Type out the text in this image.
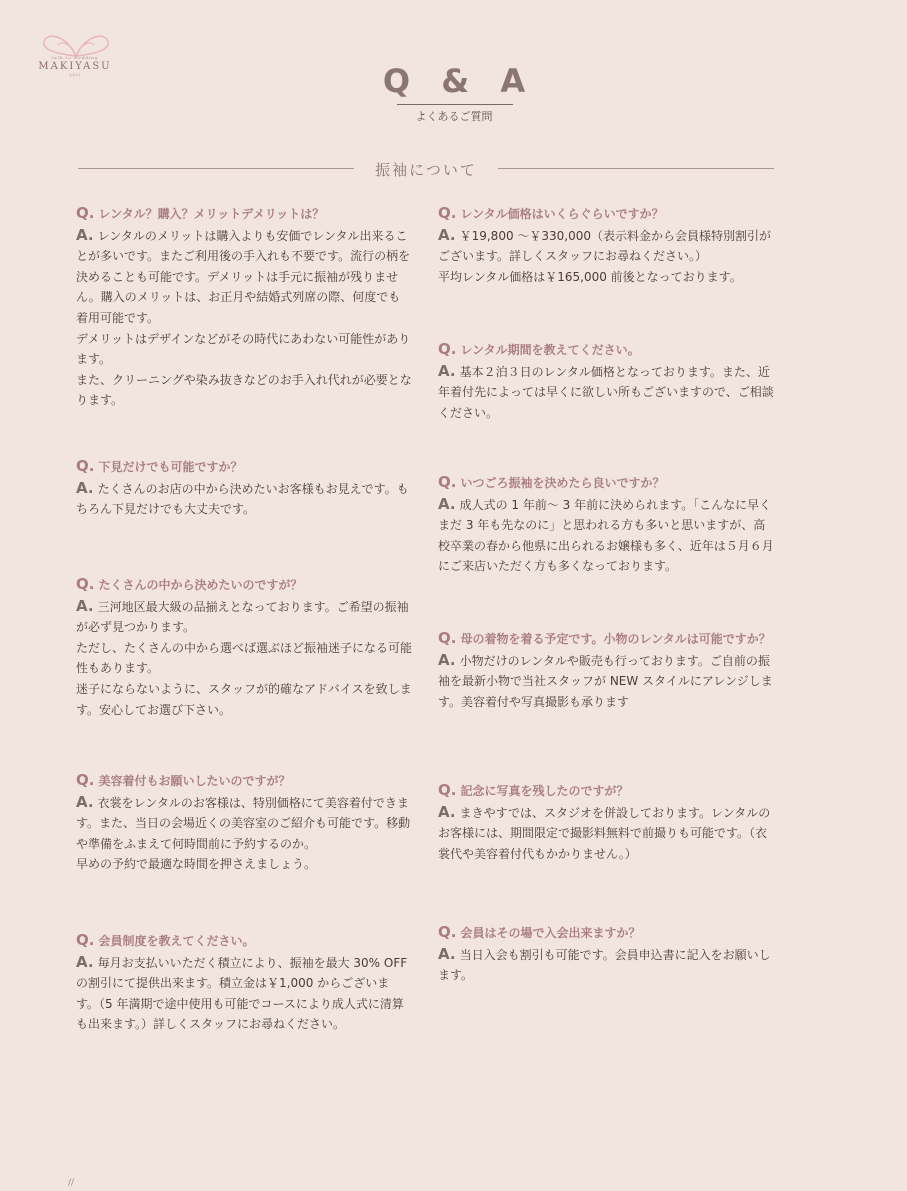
talk to wedding
MAKIYASU
まきやす	Q & A
よくあるご質問
振袖について
Q. レンタル？購入？メリットデメリットは？
A. レンタルのメリットは購入よりも安価でレンタル出来ることが多いです。またご利用後の手入れも不要です。流行の柄を決めることも可能です。デメリットは手元に振袖が残りません。購入のメリットは、お正月や結婚式列席の際、何度でも着用可能です。
デメリットはデザインなどがその時代にあわない可能性があります。
また、クリーニングや染み抜きなどのお手入れ代れが必要となります。
Q. 下見だけでも可能ですか？
A. たくさんのお店の中から決めたいお客様もお見えです。もちろん下見だけでも大丈夫です。
Q. たくさんの中から決めたいのですが？
A. 三河地区最大級の品揃えとなっております。ご希望の振袖が必ず見つかります。
ただし、たくさんの中から選べば選ぶほど振袖迷子になる可能性もあります。
迷子にならないように、スタッフが的確なアドバイスを致します。安心してお選び下さい。
Q. 美容着付もお願いしたいのですが？
A. 衣裳をレンタルのお客様は、特別価格にて美容着付できます。また、当日の会場近くの美容室のご紹介も可能です。移動や準備をふまえて何時間前に予約するのか。
早めの予約で最適な時間を押さえましょう。
Q. 会員制度を教えてください。
A. 毎月お支払いいただく積立により、振袖を最大 30% OFF の割引にて提供出来ます。積立金は￥1,000 からございます。（5 年満期で途中使用も可能でコースにより成人式に清算も出来ます。）詳しくスタッフにお尋ねください。
Q. レンタル価格はいくらぐらいですか？
A. ￥19,800 〜￥330,000（表示料金から会員様特別割引がございます。詳しくスタッフにお尋ねください。）
平均レンタル価格は￥165,000 前後となっております。
Q. レンタル期間を教えてください。
A. 基本２泊３日のレンタル価格となっております。また、近年着付先によっては早くに欲しい所もございますので、ご相談ください。
Q. いつごろ振袖を決めたら良いですか？
A. 成人式の 1 年前〜 3 年前に決められます。「こんなに早くまだ 3 年も先なのに」と思われる方も多いと思いますが、高校卒業の春から他県に出られるお嬢様も多く、近年は５月６月にご来店いただく方も多くなっております。
Q. 母の着物を着る予定です。小物のレンタルは可能ですか？
A. 小物だけのレンタルや販売も行っております。ご自前の振袖を最新小物で当社スタッフが NEW スタイルにアレンジします。美容着付や写真撮影も承ります
Q. 記念に写真を残したのですが？
A. まきやすでは、スタジオを併設しております。レンタルのお客様には、期間限定で撮影料無料で前撮りも可能です。（衣裳代や美容着付代もかかりません。）
Q. 会員はその場で入会出来ますか？
A. 当日入会も割引も可能です。会員申込書に記入をお願いします。
//
